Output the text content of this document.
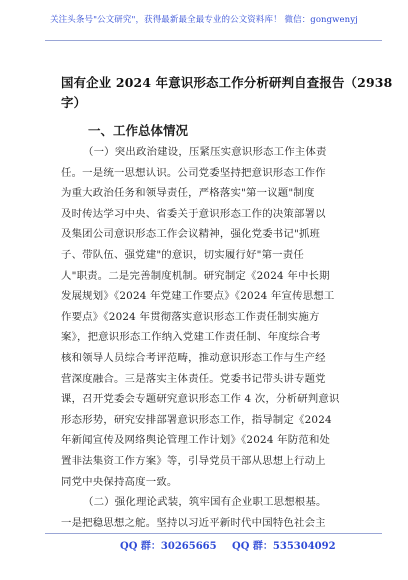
关注头条号"公文研究"，获得最新最全最专业的公文资料库！ 微信：gongwenyj
国有企业 2024 年意识形态工作分析研判自查报告（2938
字）
一、工作总体情况
（一）突出政治建设，压紧压实意识形态工作主体责
任。一是统一思想认识。公司党委坚持把意识形态工作作
为重大政治任务和领导责任，严格落实"第一议题"制度
及时传达学习中央、省委关于意识形态工作的决策部署以
及集团公司意识形态工作会议精神，强化党委书记"抓班
子、带队伍、强党建"的意识，切实履行好"第一责任
人"职责。二是完善制度机制。研究制定《2024 年中长期
发展规划》《2024 年党建工作要点》《2024 年宣传思想工
作要点》《2024 年贯彻落实意识形态工作责任制实施方
案》，把意识形态工作纳入党建工作责任制、年度综合考
核和领导人员综合考评范畴，推动意识形态工作与生产经
营深度融合。三是落实主体责任。党委书记带头讲专题党
课，召开党委会专题研究意识形态工作 4 次，分析研判意识
形态形势，研究安排部署意识形态工作，指导制定《2024
年新闻宣传及网络舆论管理工作计划》《2024 年防范和处
置非法集资工作方案》等，引导党员干部从思想上行动上
同党中央保持高度一致。
（二）强化理论武装，筑牢国有企业职工思想根基。
一是把稳思想之舵。坚持以习近平新时代中国特色社会主
QQ 群：30265665 QQ 群：535304092
